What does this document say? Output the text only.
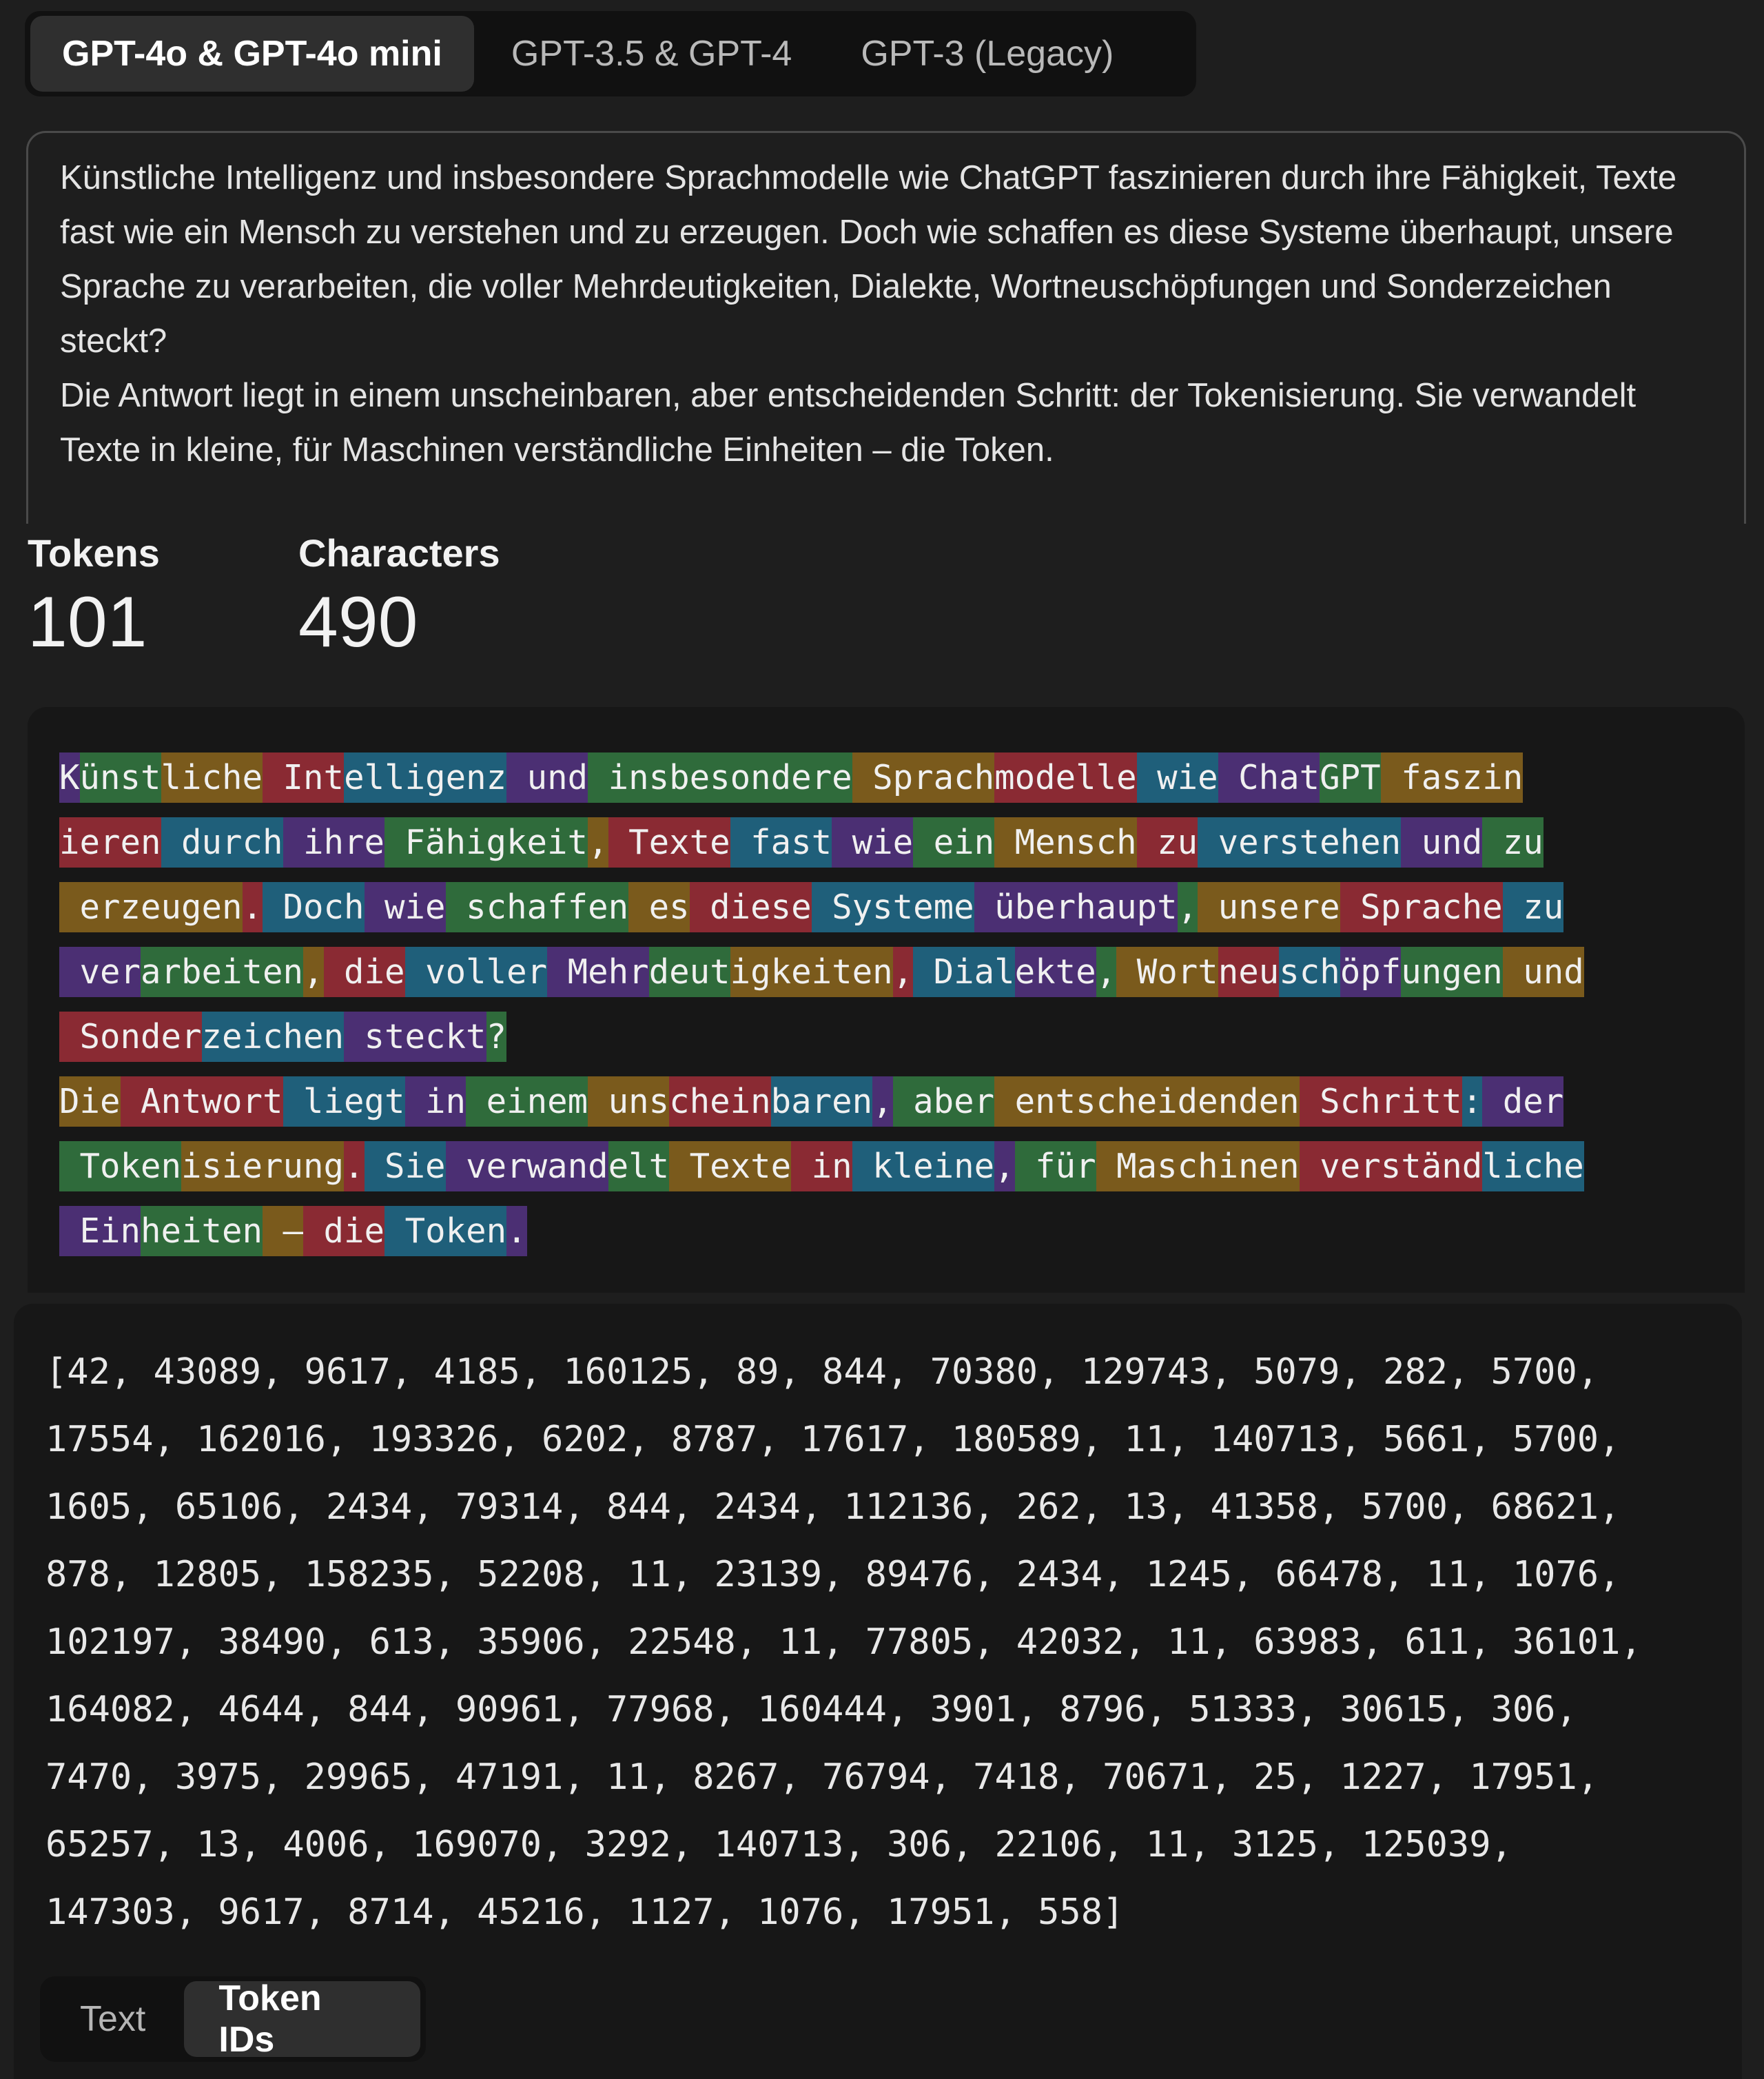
GPT-4o & GPT-4o mini	GPT-3.5 & GPT-4	GPT-3 (Legacy)

Künstliche Intelligenz und insbesondere Sprachmodelle wie ChatGPT faszinieren durch ihre Fähigkeit, Texte fast wie ein Mensch zu verstehen und zu erzeugen. Doch wie schaffen es diese Systeme überhaupt, unsere Sprache zu verarbeiten, die voller Mehrdeutigkeiten, Dialekte, Wortneuschöpfungen und Sonderzeichen steckt?

Die Antwort liegt in einem unscheinbaren, aber entscheidenden Schritt: der Tokenisierung. Sie verwandelt Texte in kleine, für Maschinen verständliche Einheiten – die Token.

Tokens
101
Characters
490
Künstliche Intelligenz und insbesondere Sprachmodelle wie ChatGPT faszin
ieren durch ihre Fähigkeit, Texte fast wie ein Mensch zu verstehen und zu
erzeugen. Doch wie schaffen es diese Systeme überhaupt, unsere Sprache zu
verarbeiten, die voller Mehrdeutigkeiten, Dialekte, Wortneuschöpfungen und
Sonderzeichen steckt?
Die Antwort liegt in einem unscheinbaren, aber entscheidenden Schritt: der
Tokenisierung. Sie verwandelt Texte in kleine, für Maschinen verständliche
Einheiten – die Token.
[42, 43089, 9617, 4185, 160125, 89, 844, 70380, 129743, 5079, 282, 5700,
17554, 162016, 193326, 6202, 8787, 17617, 180589, 11, 140713, 5661, 5700,
1605, 65106, 2434, 79314, 844, 2434, 112136, 262, 13, 41358, 5700, 68621,
878, 12805, 158235, 52208, 11, 23139, 89476, 2434, 1245, 66478, 11, 1076,
102197, 38490, 613, 35906, 22548, 11, 77805, 42032, 11, 63983, 611, 36101,
164082, 4644, 844, 90961, 77968, 160444, 3901, 8796, 51333, 30615, 306,
7470, 3975, 29965, 47191, 11, 8267, 76794, 7418, 70671, 25, 1227, 17951,
65257, 13, 4006, 169070, 3292, 140713, 306, 22106, 11, 3125, 125039,
147303, 9617, 8714, 45216, 1127, 1076, 17951, 558]
Text
Token IDs
